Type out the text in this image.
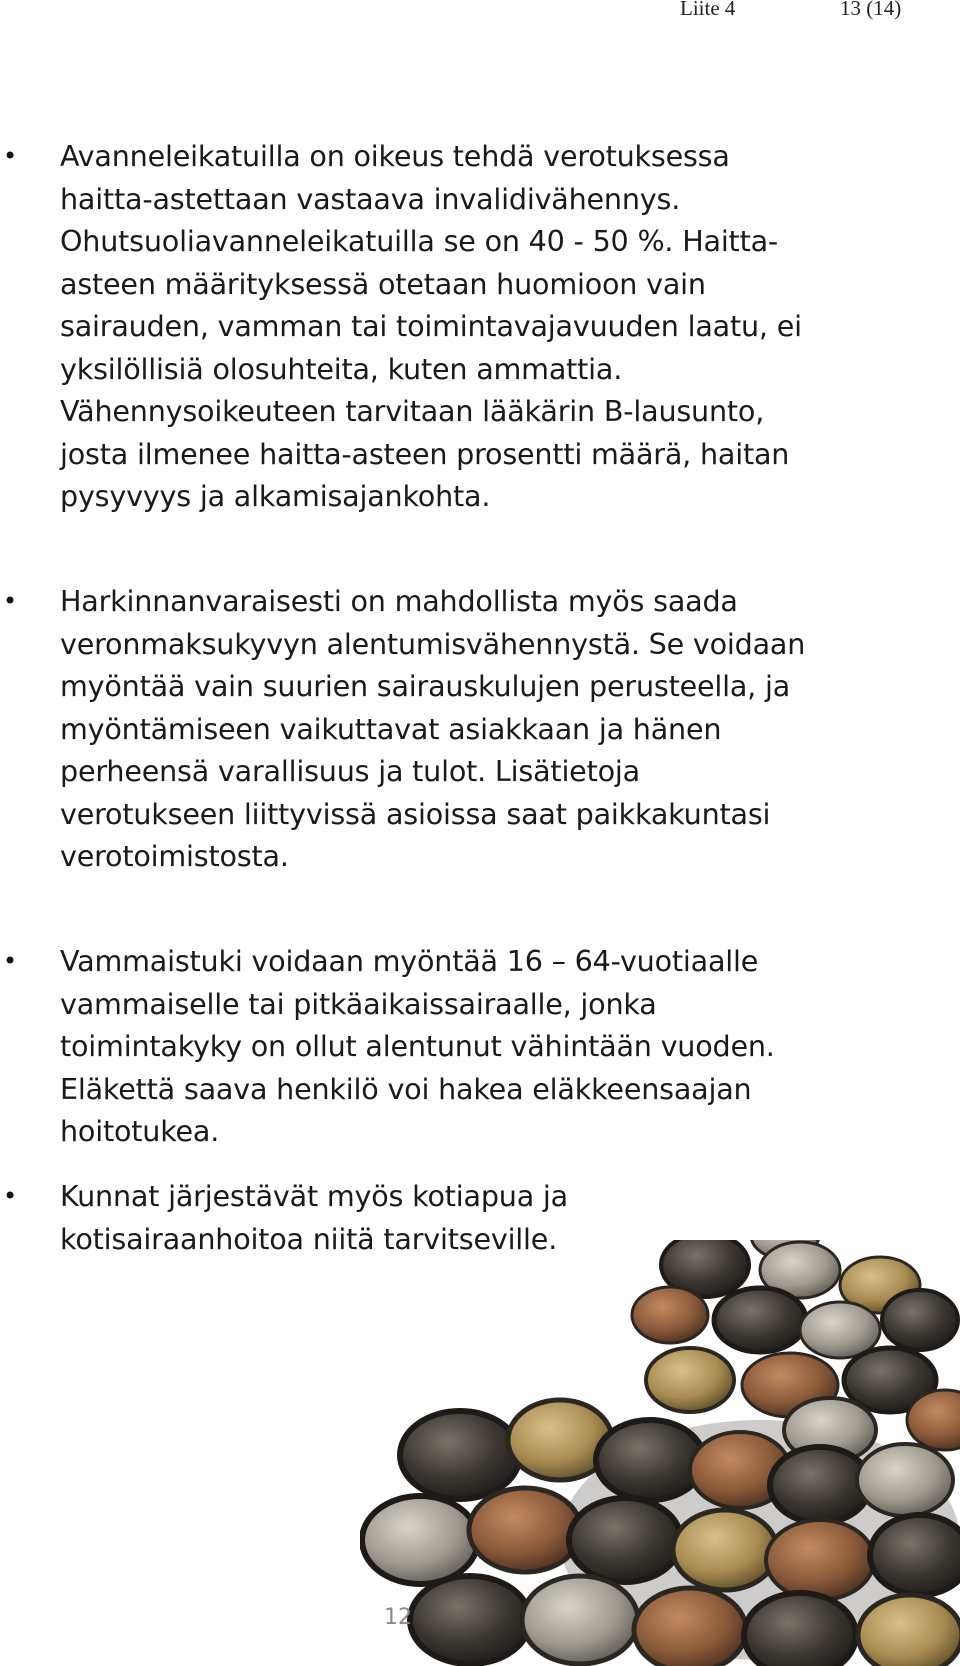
Liite 4	13 (14)
• Avanneleikatuilla on oikeus tehdä verotuksessa
haitta-astettaan vastaava invalidivähennys.
Ohutsuoliavanneleikatuilla se on 40 - 50 %. Haitta-
asteen määrityksessä otetaan huomioon vain
sairauden, vamman tai toimintavajavuuden laatu, ei
yksilöllisiä olosuhteita, kuten ammattia.
Vähennysoikeuteen tarvitaan lääkärin B-lausunto,
josta ilmenee haitta-asteen prosentti määrä, haitan
pysyvyys ja alkamisajankohta.
• Harkinnanvaraisesti on mahdollista myös saada
veronmaksukyvyn alentumisvähennystä. Se voidaan
myöntää vain suurien sairauskulujen perusteella, ja
myöntämiseen vaikuttavat asiakkaan ja hänen
perheensä varallisuus ja tulot. Lisätietoja
verotukseen liittyvissä asioissa saat paikkakuntasi
verotoimistosta.
• Vammaistuki voidaan myöntää 16 – 64-vuotiaalle
vammaiselle tai pitkäaikaissairaalle, jonka
toimintakyky on ollut alentunut vähintään vuoden.
Eläkettä saava henkilö voi hakea eläkkeensaajan
hoitotukea.
• Kunnat järjestävät myös kotiapua ja
kotisairaanhoitoa niitä tarvitseville.
12
